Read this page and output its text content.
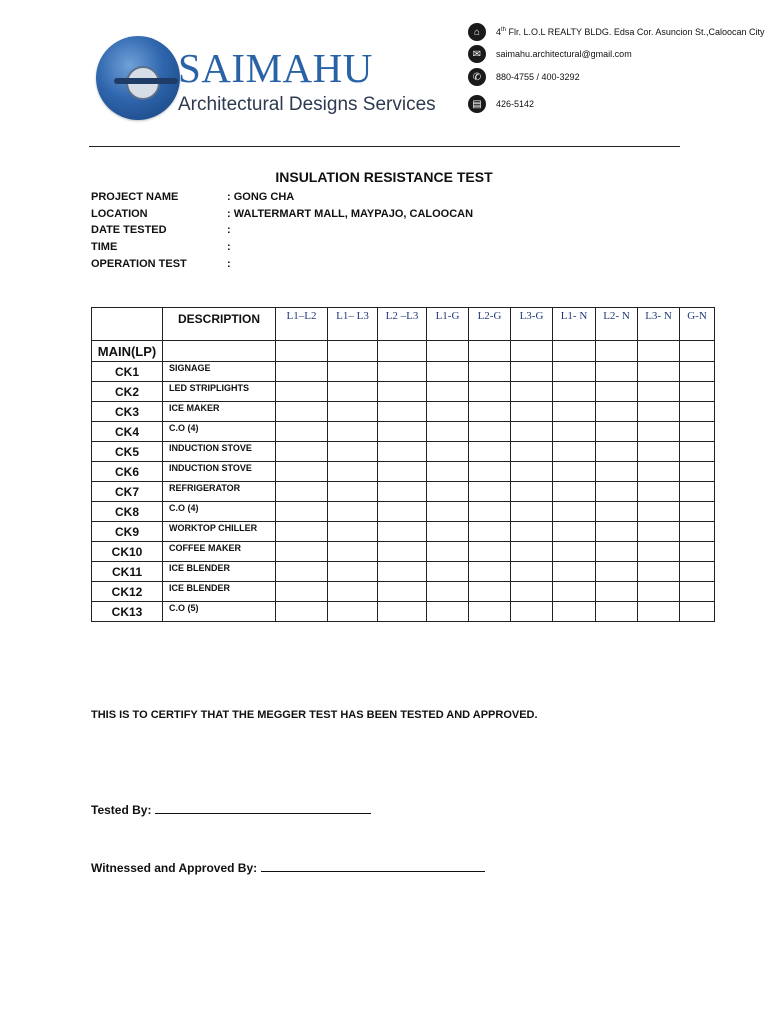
SAIMAHU
Architectural Designs Services
⌂	4th Flr. L.O.L REALTY BLDG. Edsa Cor. Asuncion St.,Caloocan City
✉	saimahu.architectural@gmail.com
✆	880-4755 / 400-3292
▤	426-5142
INSULATION RESISTANCE TEST
PROJECT NAME	: GONG CHA
LOCATION	: WALTERMART MALL, MAYPAJO, CALOOCAN
DATE TESTED	:
TIME	:
OPERATION TEST	:
	DESCRIPTION	L1–L2	L1– L3	L2 –L3	L1-G	L2-G	L3-G	L1- N	L2- N	L3- N	G-N
MAIN(LP)											
CK1	SIGNAGE										
CK2	LED STRIPLIGHTS										
CK3	ICE MAKER										
CK4	C.O (4)										
CK5	INDUCTION STOVE										
CK6	INDUCTION STOVE										
CK7	REFRIGERATOR										
CK8	C.O (4)										
CK9	WORKTOP CHILLER										
CK10	COFFEE MAKER										
CK11	ICE BLENDER										
CK12	ICE BLENDER										
CK13	C.O (5)										
THIS IS TO CERTIFY THAT THE MEGGER TEST HAS BEEN TESTED AND APPROVED.
Tested By:
Witnessed and Approved By:
